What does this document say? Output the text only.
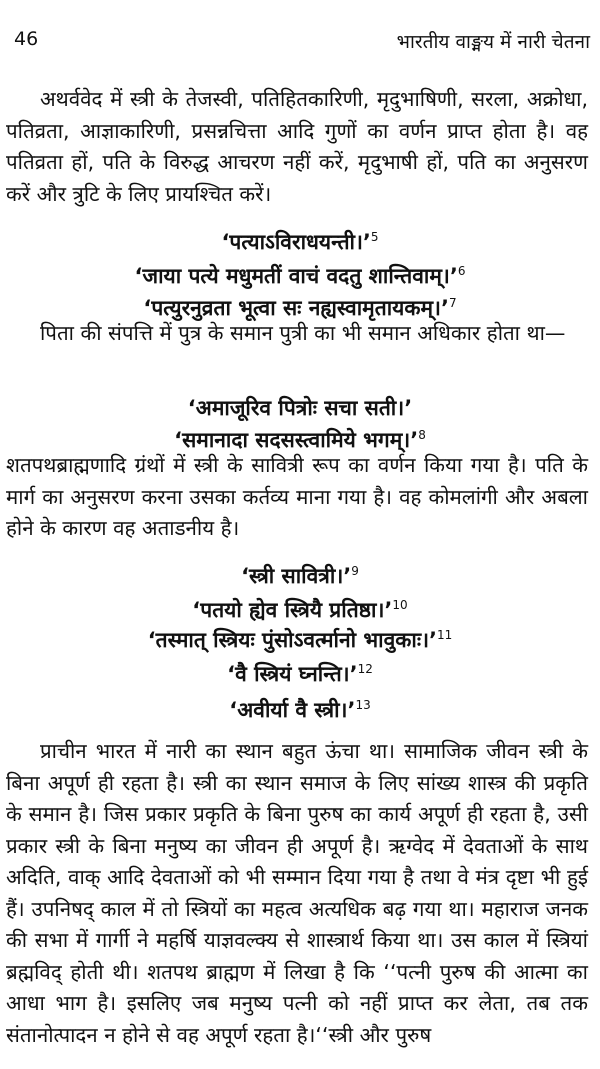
46	भारतीय वाङ्मय में नारी चेतना

अथर्ववेद में स्त्री के तेजस्वी, पतिहितकारिणी, मृदुभाषिणी, सरला, अक्रोधा, पतिव्रता, आज्ञाकारिणी, प्रसन्नचित्ता आदि गुणों का वर्णन प्राप्त होता है। वह पतिव्रता हों, पति के विरुद्ध आचरण नहीं करें, मृदुभाषी हों, पति का अनुसरण करें और त्रुटि के लिए प्रायश्चित करें।

‘पत्याऽविराधयन्ती।’$^5$
‘जाया पत्ये मधुमतीं वाचं वदतु शान्तिवाम्।’$^6$
‘पत्युरनुव्रता भूत्वा सः नह्यस्वामृतायकम्।’$^7$

पिता की संपत्ति में पुत्र के समान पुत्री का भी समान अधिकार होता था—

‘अमाजूरिव पित्रोः सचा सती।’
‘समानादा सदसस्त्वामिये भगम्।’$^8$

शतपथब्राह्मणादि ग्रंथों में स्त्री के सावित्री रूप का वर्णन किया गया है। पति के मार्ग का अनुसरण करना उसका कर्तव्य माना गया है। वह कोमलांगी और अबला होने के कारण वह अताडनीय है।

‘स्त्री सावित्री।’$^9$
‘पतयो ह्येव स्त्रियै प्रतिष्ठा।’$^{10}$
‘तस्मात् स्त्रियः पुंसोऽवर्त्मानो भावुकाः।’$^{11}$
‘वै स्त्रियं घ्नन्ति।’$^{12}$
‘अवीर्या वै स्त्री।’$^{13}$

प्राचीन भारत में नारी का स्थान बहुत ऊंचा था। सामाजिक जीवन स्त्री के बिना अपूर्ण ही रहता है। स्त्री का स्थान समाज के लिए सांख्य शास्त्र की प्रकृति के समान है। जिस प्रकार प्रकृति के बिना पुरुष का कार्य अपूर्ण ही रहता है, उसी प्रकार स्त्री के बिना मनुष्य का जीवन ही अपूर्ण है। ऋग्वेद में देवताओं के साथ अदिति, वाक् आदि देवताओं को भी सम्मान दिया गया है तथा वे मंत्र दृष्टा भी हुई हैं। उपनिषद् काल में तो स्त्रियों का महत्व अत्यधिक बढ़ गया था। महाराज जनक की सभा में गार्गी ने महर्षि याज्ञवल्क्य से शास्त्रार्थ किया था। उस काल में स्त्रियां ब्रह्मविद् होती थी। शतपथ ब्राह्मण में लिखा है कि ‘‘पत्नी पुरुष की आत्मा का आधा भाग है। इसलिए जब मनुष्य पत्नी को नहीं प्राप्त कर लेता, तब तक संतानोत्पादन न होने से वह अपूर्ण रहता है।‘‘स्त्री और पुरुष
